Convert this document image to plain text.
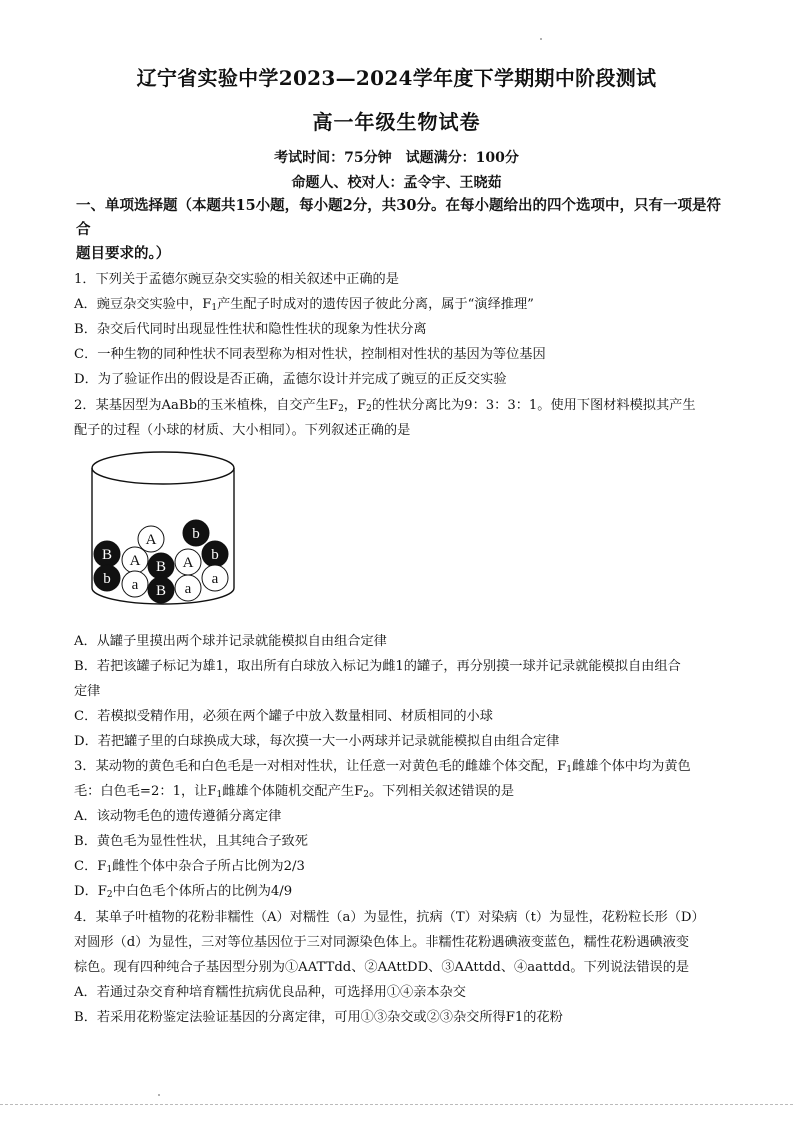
辽宁省实验中学2023—2024学年度下学期期中阶段测试
高一年级生物试卷
考试时间：75分钟　试题满分：100分
命题人、校对人：孟令宇、王晓茹
一、单项选择题（本题共15小题，每小题2分，共30分。在每小题给出的四个选项中，只有一项是符合
题目要求的。）
1．下列关于孟德尔豌豆杂交实验的相关叙述中正确的是
A．豌豆杂交实验中，$F_1$产生配子时成对的遗传因子彼此分离，属于“演绎推理”
B．杂交后代同时出现显性性状和隐性性状的现象为性状分离
C．一种生物的同种性状不同表型称为相对性状，控制相对性状的基因为等位基因
D．为了验证作出的假设是否正确，孟德尔设计并完成了豌豆的正反交实验
2．某基因型为AaBb的玉米植株，自交产生$F_2$，$F_2$的性状分离比为9：3：3：1。使用下图材料模拟其产生
配子的过程（小球的材质、大小相同）。下列叙述正确的是
A b
B A B A b
b a B a
a
A．从罐子里摸出两个球并记录就能模拟自由组合定律
B．若把该罐子标记为雄1，取出所有白球放入标记为雌1的罐子，再分别摸一球并记录就能模拟自由组合
定律
C．若模拟受精作用，必须在两个罐子中放入数量相同、材质相同的小球
D．若把罐子里的白球换成大球，每次摸一大一小两球并记录就能模拟自由组合定律
3．某动物的黄色毛和白色毛是一对相对性状，让任意一对黄色毛的雌雄个体交配，$F_1$雌雄个体中均为黄色
毛：白色毛=2：1，让$F_1$雌雄个体随机交配产生$F_2$。下列相关叙述错误的是
A．该动物毛色的遗传遵循分离定律
B．黄色毛为显性性状，且其纯合子致死
C．$F_1$雌性个体中杂合子所占比例为2/3
D．$F_2$中白色毛个体所占的比例为4/9
4．某单子叶植物的花粉非糯性（A）对糯性（a）为显性，抗病（T）对染病（t）为显性，花粉粒长形（D）
对圆形（d）为显性，三对等位基因位于三对同源染色体上。非糯性花粉遇碘液变蓝色，糯性花粉遇碘液变
棕色。现有四种纯合子基因型分别为①AATTdd、②AAttDD、③AAttdd、④aattdd。下列说法错误的是
A．若通过杂交育种培育糯性抗病优良品种，可选择用①④亲本杂交
B．若采用花粉鉴定法验证基因的分离定律，可用①③杂交或②③杂交所得F1的花粉
